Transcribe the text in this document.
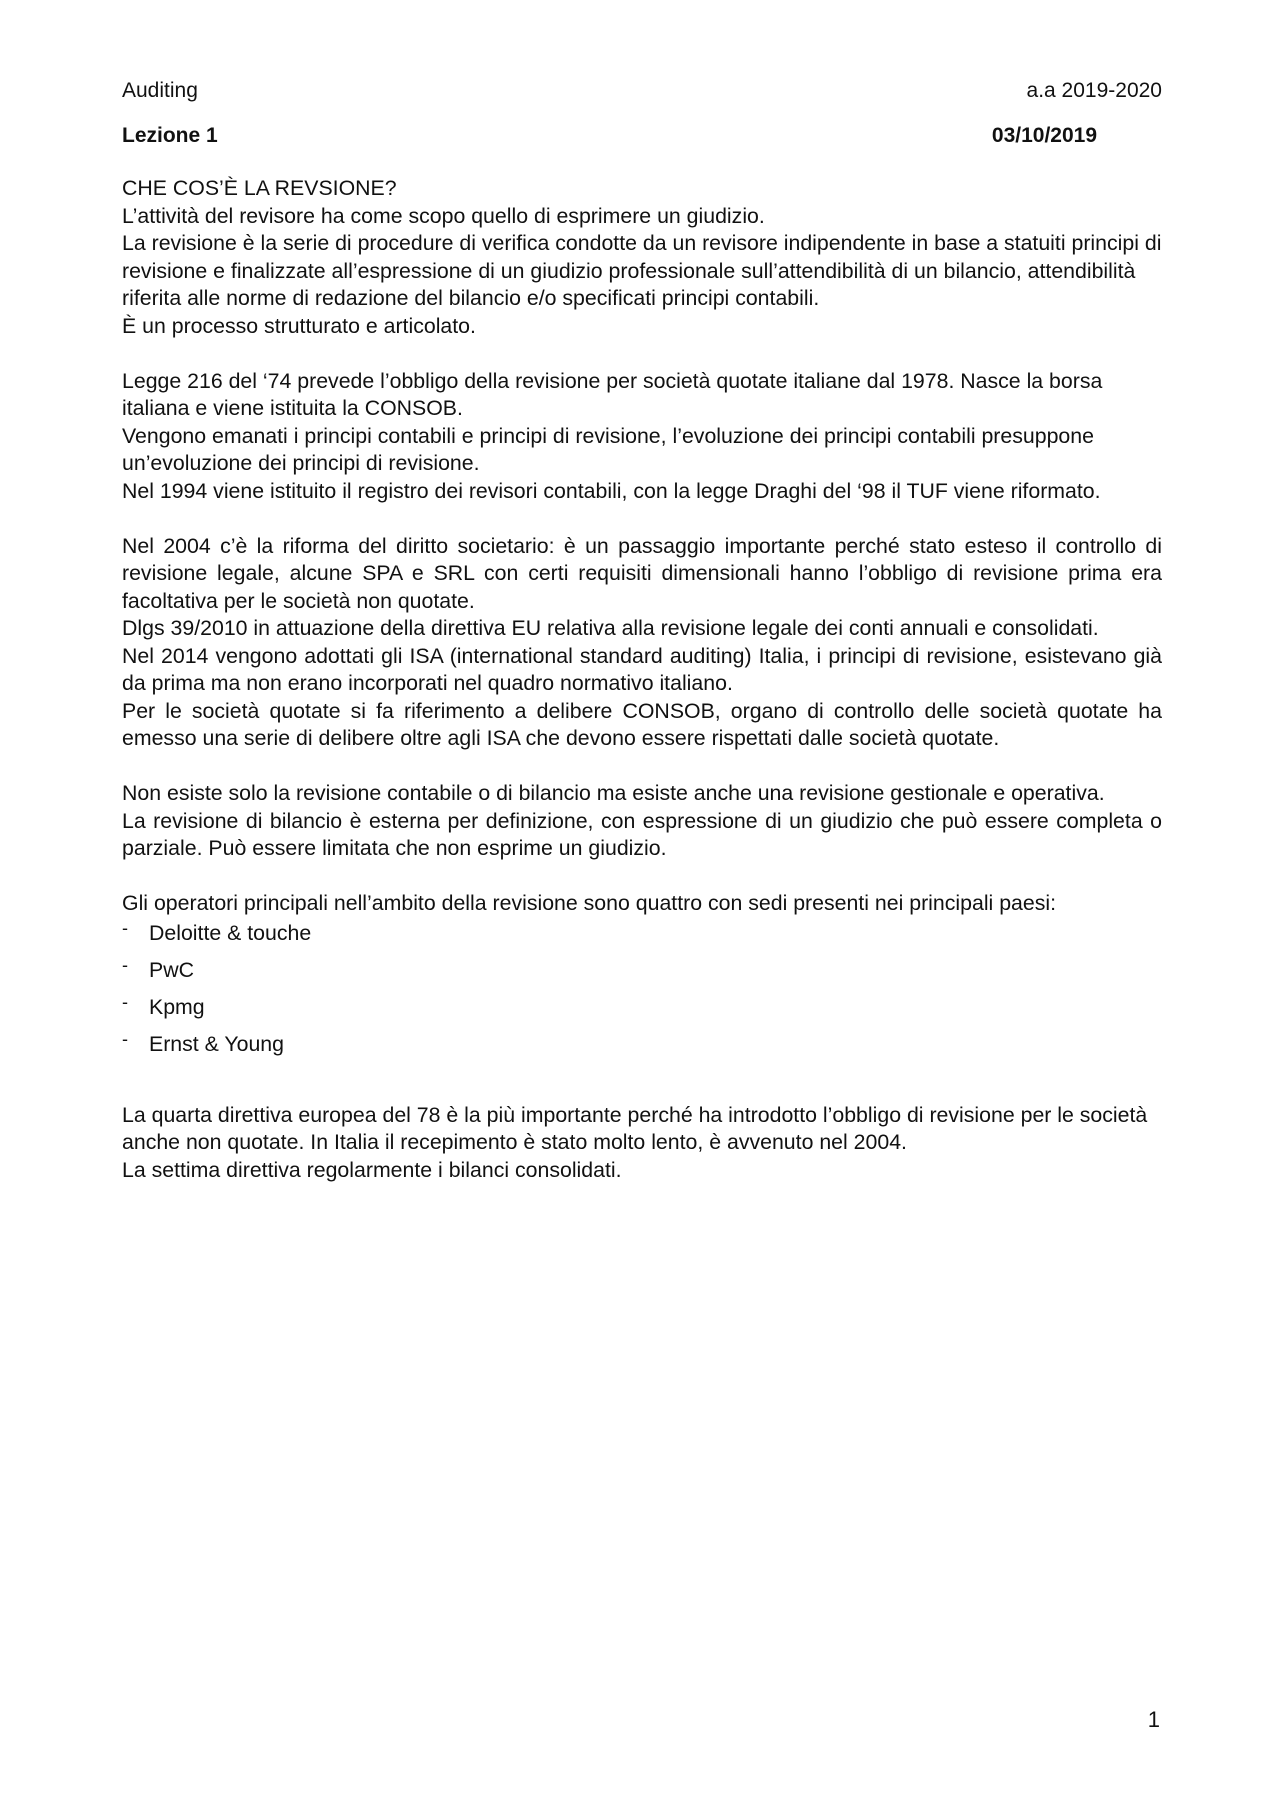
Auditing	a.a 2019-2020
Lezione 1	03/10/2019
CHE COS’È LA REVSIONE?
L’attività del revisore ha come scopo quello di esprimere un giudizio.
La revisione è la serie di procedure di verifica condotte da un revisore indipendente in base a statuiti principi di revisione e finalizzate all’espressione di un giudizio professionale sull’attendibilità di un bilancio, attendibilità riferita alle norme di redazione del bilancio e/o specificati principi contabili.
È un processo strutturato e articolato.
Legge 216 del ‘74 prevede l’obbligo della revisione per società quotate italiane dal 1978. Nasce la borsa italiana e viene istituita la CONSOB.
Vengono emanati i principi contabili e principi di revisione, l’evoluzione dei principi contabili presuppone un’evoluzione dei principi di revisione.
Nel 1994 viene istituito il registro dei revisori contabili, con la legge Draghi del ‘98 il TUF viene riformato.
Nel 2004 c’è la riforma del diritto societario: è un passaggio importante perché stato esteso il controllo di revisione legale, alcune SPA e SRL con certi requisiti dimensionali hanno l’obbligo di revisione prima era facoltativa per le società non quotate.
Dlgs 39/2010 in attuazione della direttiva EU relativa alla revisione legale dei conti annuali e consolidati.
Nel 2014 vengono adottati gli ISA (international standard auditing) Italia, i principi di revisione, esistevano già da prima ma non erano incorporati nel quadro normativo italiano.
Per le società quotate si fa riferimento a delibere CONSOB, organo di controllo delle società quotate ha emesso una serie di delibere oltre agli ISA che devono essere rispettati dalle società quotate.
Non esiste solo la revisione contabile o di bilancio ma esiste anche una revisione gestionale e operativa.
La revisione di bilancio è esterna per definizione, con espressione di un giudizio che può essere completa o parziale. Può essere limitata che non esprime un giudizio.
Gli operatori principali nell’ambito della revisione sono quattro con sedi presenti nei principali paesi:
- Deloitte & touche
- PwC
- Kpmg
- Ernst & Young
La quarta direttiva europea del 78 è la più importante perché ha introdotto l’obbligo di revisione per le società anche non quotate. In Italia il recepimento è stato molto lento, è avvenuto nel 2004.
La settima direttiva regolarmente i bilanci consolidati.
1
